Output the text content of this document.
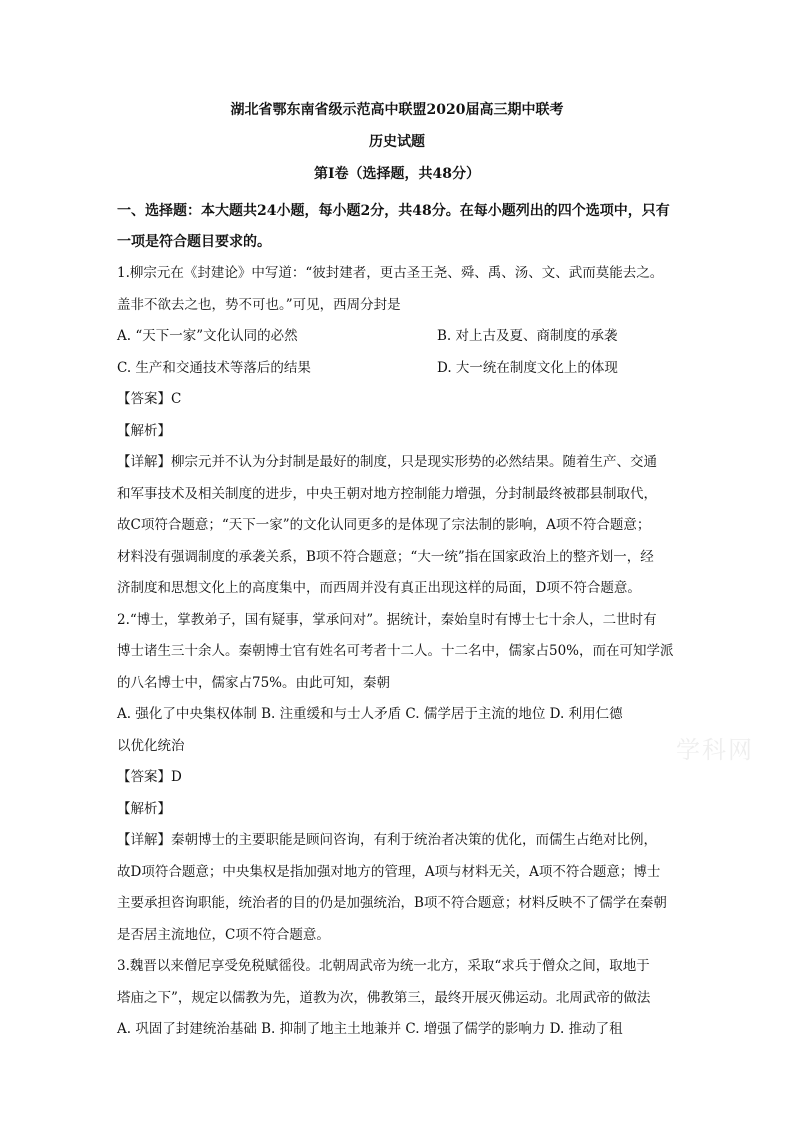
湖北省鄂东南省级示范高中联盟2020届高三期中联考

历史试题

第Ⅰ卷（选择题，共48分）

一、选择题：本大题共24小题，每小题2分，共48分。在每小题列出的四个选项中，只有

一项是符合题目要求的。

1.柳宗元在《封建论》中写道：“彼封建者，更古圣王尧、舜、禹、汤、文、武而莫能去之。

盖非不欲去之也，势不可也。”可见，西周分封是

A. “天下一家”文化认同的必然	B. 对上古及夏、商制度的承袭
C. 生产和交通技术等落后的结果	D. 大一统在制度文化上的体现

【答案】C

【解析】

【详解】柳宗元并不认为分封制是最好的制度，只是现实形势的必然结果。随着生产、交通

和军事技术及相关制度的进步，中央王朝对地方控制能力增强，分封制最终被郡县制取代，

故C项符合题意；“天下一家”的文化认同更多的是体现了宗法制的影响，A项不符合题意；

材料没有强调制度的承袭关系，B项不符合题意；“大一统”指在国家政治上的整齐划一，经

济制度和思想文化上的高度集中，而西周并没有真正出现这样的局面，D项不符合题意。

2.“博士，掌教弟子，国有疑事，掌承问对”。据统计，秦始皇时有博士七十余人，二世时有

博士诸生三十余人。秦朝博士官有姓名可考者十二人。十二名中，儒家占50%，而在可知学派

的八名博士中，儒家占75%。由此可知，秦朝

A. 强化了中央集权体制 B. 注重缓和与士人矛盾 C. 儒学居于主流的地位 D. 利用仁德

以优化统治

【答案】D

【解析】

【详解】秦朝博士的主要职能是顾问咨询，有利于统治者决策的优化，而儒生占绝对比例，

故D项符合题意；中央集权是指加强对地方的管理，A项与材料无关，A项不符合题意；博士

主要承担咨询职能，统治者的目的仍是加强统治，B项不符合题意；材料反映不了儒学在秦朝

是否居主流地位，C项不符合题意。

3.魏晋以来僧尼享受免税赋徭役。北朝周武帝为统一北方，采取“求兵于僧众之间，取地于

塔庙之下”，规定以儒教为先，道教为次，佛教第三，最终开展灭佛运动。北周武帝的做法

A. 巩固了封建统治基础 B. 抑制了地主土地兼并 C. 增强了儒学的影响力 D. 推动了租

学科网
